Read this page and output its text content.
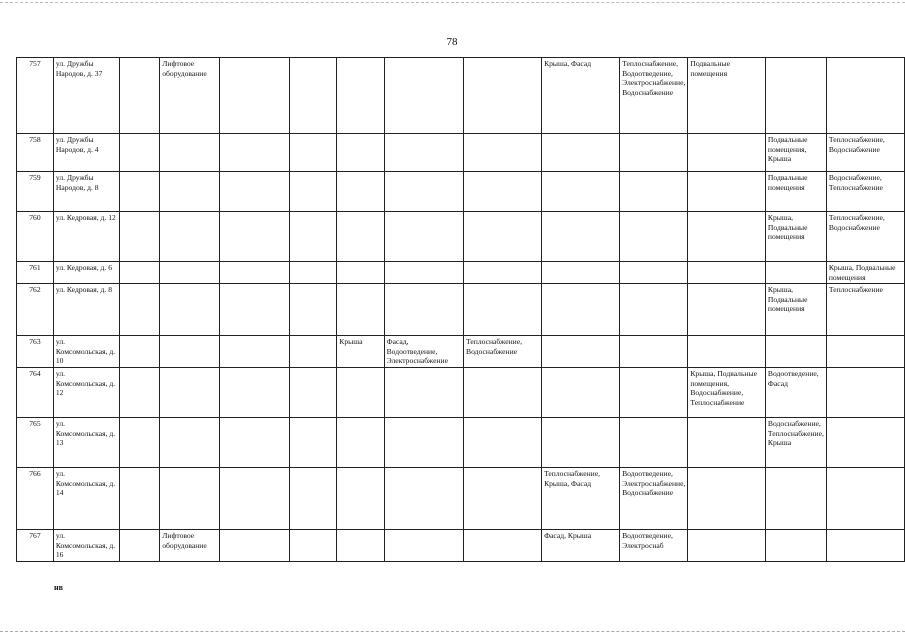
78
757	ул. Дружбы Народов, д. 37		Лифтовое оборудование						Крыша, Фасад	Теплоснабжение, Водоотведение, Электроснабжение, Водоснабжение	Подвальные помещения		
758	ул. Дружбы Народов, д. 4											Подвальные помещения, Крыша	Теплоснабжение, Водоснабжение
759	ул. Дружбы Народов, д. 8											Подвальные помещения	Водоснабжение, Теплоснабжение
760	ул. Кедровая, д. 12											Крыша, Подвальные помещения	Теплоснабжение, Водоснабжение
761	ул. Кедровая, д. 6												Крыша, Подвальные помещения
762	ул. Кедровая, д. 8											Крыша, Подвальные помещения	Теплоснабжение
763	ул. Комсомольская, д. 10					Крыша	Фасад, Водоотведение, Электроснабжение	Теплоснабжение, Водоснабжение					
764	ул. Комсомольская, д. 12										Крыша, Подвальные помещения, Водоснабжение, Теплоснабжение	Водоотведение, Фасад	
765	ул. Комсомольская, д. 13											Водоснабжение, Теплоснабжение, Крыша	
766	ул. Комсомольская, д. 14								Теплоснабжение, Крыша, Фасад	Водоотведение, Электроснабжение, Водоснабжение			
767	ул. Комсомольская, д. 16		Лифтовое оборудование						Фасад, Крыша	Водоотведение, Электроснаб			
нв
